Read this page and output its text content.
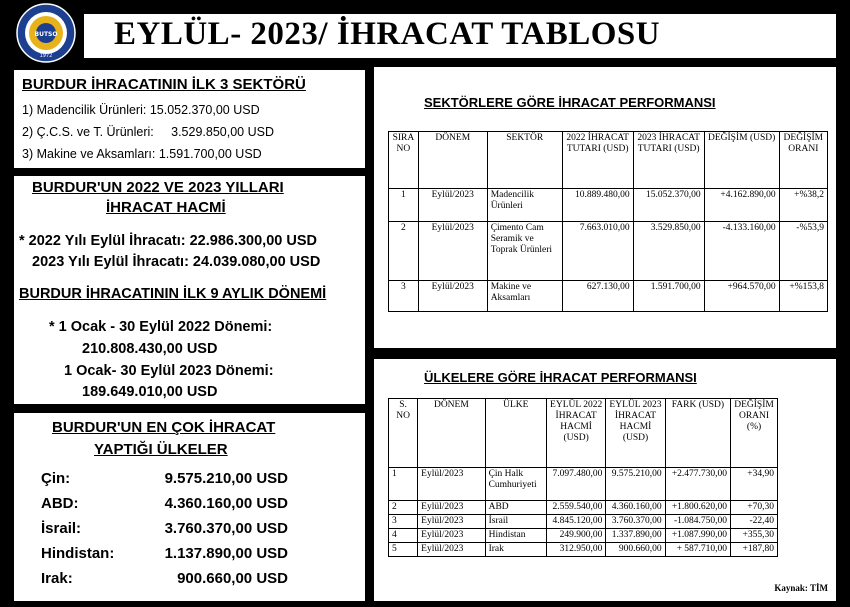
BUTSO
1972
EYLÜL- 2023/ İHRACAT TABLOSU
BURDUR İHRACATININ İLK 3 SEKTÖRÜ
1) Madencilik Ürünleri: 15.052.370,00 USD
2) Ç.C.S. ve T. Ürünleri:     3.529.850,00 USD
3) Makine ve Aksamları: 1.591.700,00 USD
BURDUR'UN 2022 VE 2023 YILLARI
İHRACAT HACMİ
* 2022 Yılı Eylül İhracatı: 22.986.300,00 USD
2023 Yılı Eylül İhracatı: 24.039.080,00 USD
BURDUR İHRACATININ İLK 9 AYLIK DÖNEMİ
* 1 Ocak - 30 Eylül 2022 Dönemi:
210.808.430,00 USD
1 Ocak- 30 Eylül 2023 Dönemi:
189.649.010,00 USD
BURDUR'UN EN ÇOK İHRACAT
YAPTIĞI ÜLKELER
Çin:	9.575.210,00 USD
ABD:	4.360.160,00 USD
İsrail:	3.760.370,00 USD
Hindistan:	1.137.890,00 USD
Irak:	900.660,00 USD
SEKTÖRLERE GÖRE İHRACAT PERFORMANSI
SIRA NO	DÖNEM	SEKTÖR	2022 İHRACAT TUTARI (USD)	2023 İHRACAT TUTARI (USD)	DEĞİŞİM (USD)	DEĞİŞİM ORANI
1	Eylül/2023	Madencilik Ürünleri	10.889.480,00	15.052.370,00	+4.162.890,00	+%38,2
2	Eylül/2023	Çimento Cam Seramik ve Toprak Ürünleri	7.663.010,00	3.529.850,00	-4.133.160,00	-%53,9
3	Eylül/2023	Makine ve Aksamları	627.130,00	1.591.700,00	+964.570,00	+%153,8
ÜLKELERE GÖRE İHRACAT PERFORMANSI
S. NO	DÖNEM	ÜLKE	EYLÜL 2022 İHRACAT HACMİ (USD)	EYLÜL 2023 İHRACAT HACMİ (USD)	FARK (USD)	DEĞİŞİM ORANI (%)
1	Eylül/2023	Çin Halk Cumhuriyeti	7.097.480,00	9.575.210,00	+2.477.730,00	+34,90
2	Eylül/2023	ABD	2.559.540,00	4.360.160,00	+1.800.620,00	+70,30
3	Eylül/2023	İsrail	4.845.120,00	3.760.370,00	-1.084.750,00	-22,40
4	Eylül/2023	Hindistan	249.900,00	1.337.890,00	+1.087.990,00	+355,30
5	Eylül/2023	Irak	312.950,00	900.660,00	+ 587.710,00	+187,80
Kaynak: TİM
